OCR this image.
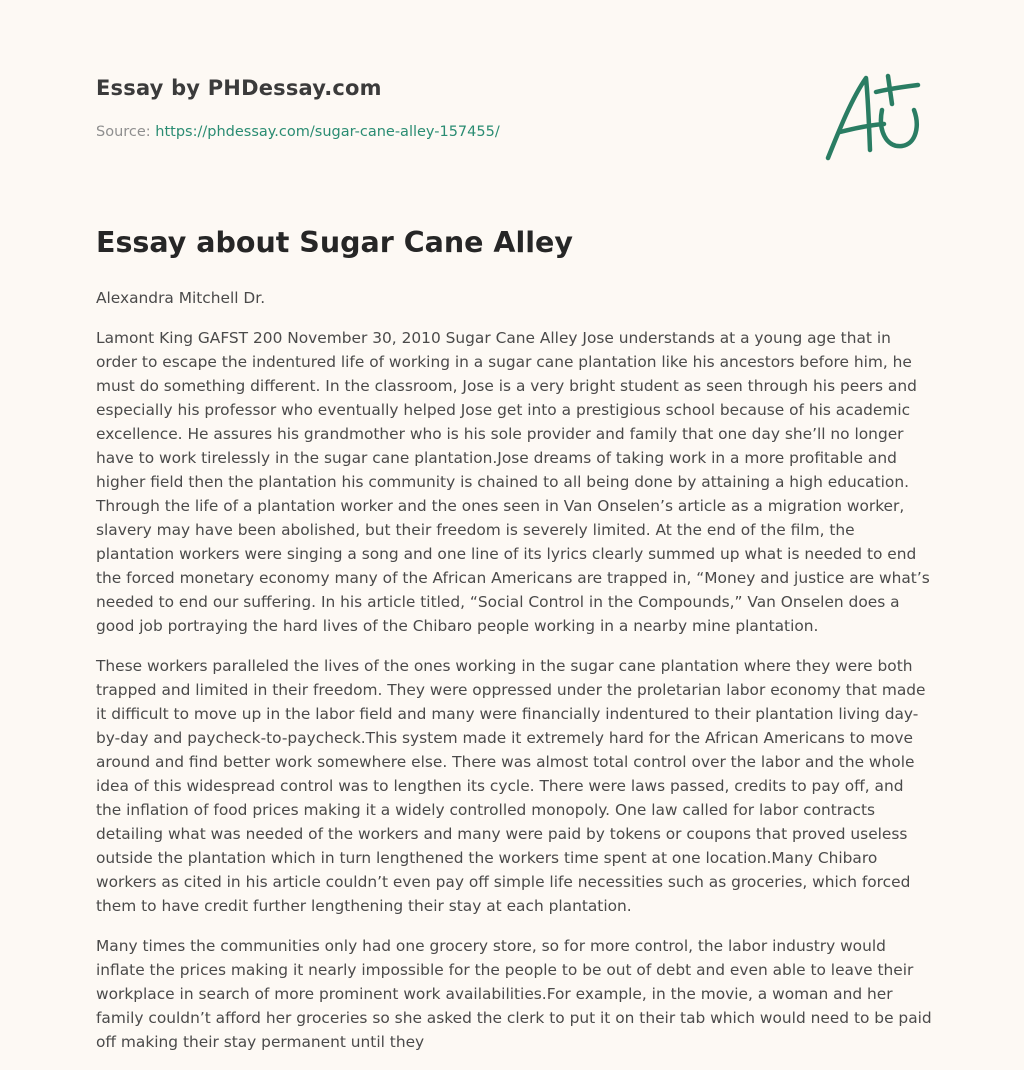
Essay by PHDessay.com
Source: https://phdessay.com/sugar-cane-alley-157455/
Essay about Sugar Cane Alley

Alexandra Mitchell Dr.

Lamont King GAFST 200 November 30, 2010 Sugar Cane Alley Jose understands at a young age that in order to escape the indentured life of working in a sugar cane plantation like his ancestors before him, he must do something different. In the classroom, Jose is a very bright student as seen through his peers and especially his professor who eventually helped Jose get into a prestigious school because of his academic excellence. He assures his grandmother who is his sole provider and family that one day she’ll no longer have to work tirelessly in the sugar cane plantation.Jose dreams of taking work in a more profitable and higher field then the plantation his community is chained to all being done by attaining a high education. Through the life of a plantation worker and the ones seen in Van Onselen’s article as a migration worker, slavery may have been abolished, but their freedom is severely limited. At the end of the film, the plantation workers were singing a song and one line of its lyrics clearly summed up what is needed to end the forced monetary economy many of the African Americans are trapped in, “Money and justice are what’s needed to end our suffering. In his article titled, “Social Control in the Compounds,” Van Onselen does a good job portraying the hard lives of the Chibaro people working in a nearby mine plantation.

These workers paralleled the lives of the ones working in the sugar cane plantation where they were both trapped and limited in their freedom. They were oppressed under the proletarian labor economy that made it difficult to move up in the labor field and many were financially indentured to their plantation living day-by-day and paycheck-to-paycheck.This system made it extremely hard for the African Americans to move around and find better work somewhere else. There was almost total control over the labor and the whole idea of this widespread control was to lengthen its cycle. There were laws passed, credits to pay off, and the inflation of food prices making it a widely controlled monopoly. One law called for labor contracts detailing what was needed of the workers and many were paid by tokens or coupons that proved useless outside the plantation which in turn lengthened the workers time spent at one location.Many Chibaro workers as cited in his article couldn’t even pay off simple life necessities such as groceries, which forced them to have credit further lengthening their stay at each plantation.

Many times the communities only had one grocery store, so for more control, the labor industry would inflate the prices making it nearly impossible for the people to be out of debt and even able to leave their workplace in search of more prominent work availabilities.For example, in the movie, a woman and her family couldn’t afford her groceries so she asked the clerk to put it on their tab which would need to be paid off making their stay permanent until they
